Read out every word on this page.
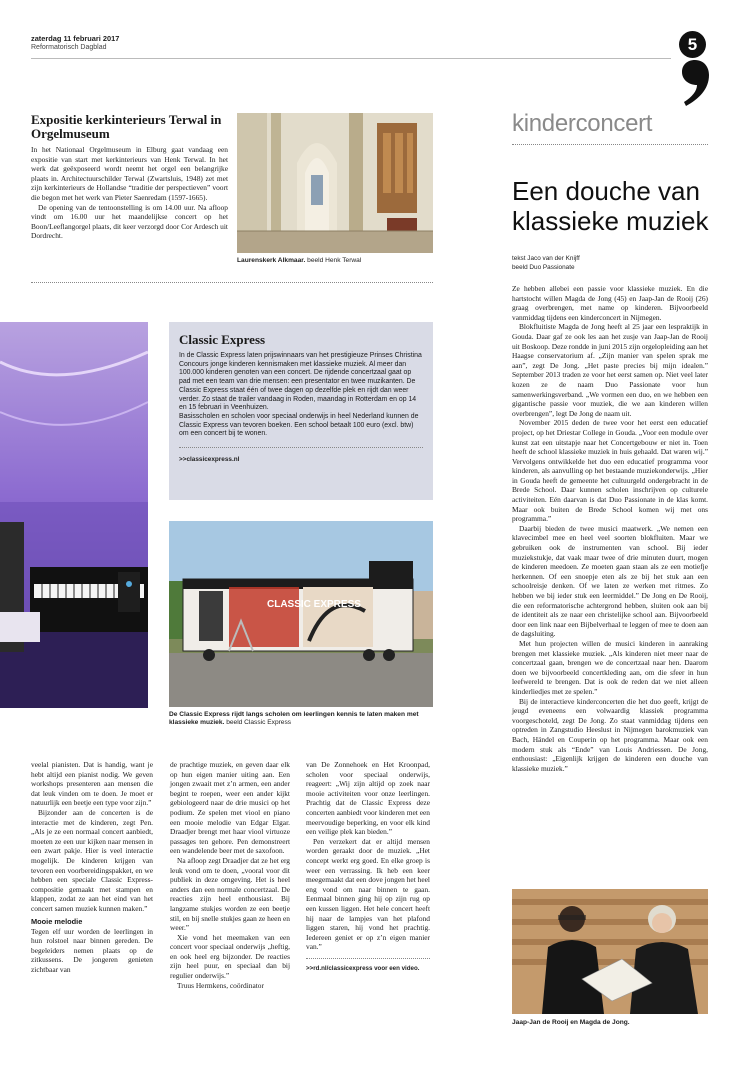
zaterdag 11 februari 2017
Reformatorisch Dagblad	5
Expositie kerkinterieurs Terwal in Orgelmuseum

In het Nationaal Orgelmuseum in Elburg gaat vandaag een expositie van start met kerkinterieurs van Henk Terwal. In het werk dat geëxposeerd wordt neemt het orgel een belangrijke plaats in. Architectuurschilder Terwal (Zwartsluis, 1948) zet met zijn kerkinterieurs de Hollandse “traditie der perspectieven” voort die begon met het werk van Pieter Saenredam (1597-1665).

De opening van de tentoonstelling is om 14.00 uur. Na afloop vindt om 16.00 uur het maandelijkse concert op het Boon/Leeflangorgel plaats, dit keer verzorgd door Cor Ardesch uit Dordrecht.

Laurenskerk Alkmaar. beeld Henk Terwal
Classic Express

In de Classic Express laten prijswinnaars van het prestigieuze Prinses Christina Concours jonge kinderen kennismaken met klassieke muziek. Al meer dan 100.000 kinderen genoten van een concert. De rijdende concertzaal gaat op pad met een team van drie mensen: een presentator en twee muzikanten. De Classic Express staat één of twee dagen op dezelfde plek en rijdt dan weer verder. Zo staat de trailer vandaag in Roden, maandag in Rotterdam en op 14 en 15 februari in Veenhuizen.

Basisscholen en scholen voor speciaal onderwijs in heel Nederland kunnen de Classic Express van tevoren boeken. Een school betaalt 100 euro (excl. btw) om een concert bij te wonen.

>>classicexpress.nl
CLASSIC EXPRESS
De Classic Express rijdt langs scholen om leerlingen kennis te laten maken met klassieke muziek. beeld Classic Express

veelal pianisten. Dat is handig, want je hebt altijd een pianist nodig. We geven workshops presenteren aan mensen die dat leuk vinden om te doen. Je moet er natuurlijk een beetje een type voor zijn.”

Bijzonder aan de concerten is de interactie met de kinderen, zegt Pen. „Als je ze een normaal concert aanbiedt, moeten ze een uur kijken naar mensen in een zwart pakje. Hier is veel interactie mogelijk. De kinderen krijgen van tevoren een voorbereidingspakket, en we hebben een speciale Classic Express-compositie gemaakt met stampen en klappen, zodat ze aan het eind van het concert samen muziek kunnen maken.”

Mooie melodie

Tegen elf uur worden de leerlingen in hun rolstoel naar binnen gereden. De begeleiders nemen plaats op de zitkussens. De jongeren genieten zichtbaar van

de prachtige muziek, en geven daar elk op hun eigen manier uiting aan. Een jongen zwaait met z’n armen, een ander begint te roepen, weer een ander kijkt gebiologeerd naar de drie musici op het podium. Ze spelen met viool en piano een mooie melodie van Edgar Elgar. Draadjer brengt met haar viool virtuoze passages ten gehore. Pen demonstreert een wandelende beer met de saxofoon.

Na afloop zegt Draadjer dat ze het erg leuk vond om te doen, „vooral voor dit publiek in deze omgeving. Het is heel anders dan een normale concertzaal. De reacties zijn heel enthousiast. Bij langzame stukjes worden ze een beetje stil, en bij snelle stukjes gaan ze heen en weer.”

Xie vond het meemaken van een concert voor speciaal onderwijs „heftig, en ook heel erg bijzonder. De reacties zijn heel puur, en speciaal dan bij regulier onderwijs.”

Truus Hermkens, coördinator

van De Zonnehoek en Het Kroonpad, scholen voor speciaal onderwijs, reageert: „Wij zijn altijd op zoek naar mooie activiteiten voor onze leerlingen. Prachtig dat de Classic Express deze concerten aanbiedt voor kinderen met een meervoudige beperking, en voor elk kind een veilige plek kan bieden.”

Pen verzekert dat er altijd mensen worden geraakt door de muziek. „Het concept werkt erg goed. En elke groep is weer een verrassing. Ik heb een keer meegemaakt dat een dove jongen het heel eng vond om naar binnen te gaan. Eenmaal binnen ging hij op zijn rug op een kussen liggen. Het hele concert heeft hij naar de lampjes van het plafond liggen staren, hij vond het prachtig. Iedereen geniet er op z’n eigen manier van.”

>>rd.nl/classicexpress voor een video.
kinderconcert
Een douche van klassieke muziek
tekst Jaco van der Knijff
beeld Duo Passionate

Ze hebben allebei een passie voor klassieke muziek. En die hartstocht willen Magda de Jong (45) en Jaap-Jan de Rooij (26) graag overbrengen, met name op kinderen. Bijvoorbeeld vanmiddag tijdens een kinderconcert in Nijmegen.

Blokfluitiste Magda de Jong heeft al 25 jaar een lespraktijk in Gouda. Daar gaf ze ook les aan het zusje van Jaap-Jan de Rooij uit Boskoop. Deze rondde in juni 2015 zijn orgelopleiding aan het Haagse conservatorium af. „Zijn manier van spelen sprak me aan”, zegt De Jong. „Het paste precies bij mijn idealen.” September 2013 traden ze voor het eerst samen op. Niet veel later kozen ze de naam Duo Passionate voor hun samenwerkingsverband. „We vormen een duo, en we hebben een gigantische passie voor muziek, die we aan kinderen willen overbrengen”, legt De Jong de naam uit.

November 2015 deden de twee voor het eerst een educatief project, op het Driestar College in Gouda. „Voor een module over kunst zat een uitstapje naar het Concertgebouw er niet in. Toen heeft de school klassieke muziek in huis gehaald. Dat waren wij.” Vervolgens ontwikkelde het duo een educatief programma voor kinderen, als aanvulling op het bestaande muziekonderwijs. „Hier in Gouda heeft de gemeente het cultuurgeld ondergebracht in de Brede School. Daar kunnen scholen inschrijven op culturele activiteiten. Eén daarvan is dat Duo Passionate in de klas komt. Maar ook buiten de Brede School komen wij met ons programma.”

Daarbij bieden de twee musici maatwerk. „We nemen een klavecimbel mee en heel veel soorten blokfluiten. Maar we gebruiken ook de instrumenten van school. Bij ieder muziekstukje, dat vaak maar twee of drie minuten duurt, mogen de kinderen meedoen. Ze moeten gaan staan als ze een motiefje herkennen. Of een snoepje eten als ze bij het stuk aan een schoolreisje denken. Of we laten ze werken met ritmes. Zo hebben we bij ieder stuk een leermiddel.” De Jong en De Rooij, die een reformatorische achtergrond hebben, sluiten ook aan bij de identiteit als ze naar een christelijke school aan. Bijvoorbeeld door een link naar een Bijbelverhaal te leggen of mee te doen aan de dagsluiting.

Met hun projecten willen de musici kinderen in aanraking brengen met klassieke muziek. „Als kinderen niet meer naar de concertzaal gaan, brengen we de concertzaal naar hen. Daarom doen we bijvoorbeeld concertkleding aan, om die sfeer in hun leefwereld te brengen. Dat is ook de reden dat we niet alleen kinderliedjes met ze spelen.”

Bij de interactieve kinderconcerten die het duo geeft, krijgt de jeugd eveneens een volwaardig klassiek programma voorgeschoteld, zegt De Jong. Zo staat vanmiddag tijdens een optreden in Zangstudio Heeslust in Nijmegen barokmuziek van Bach, Händel en Couperin op het programma. Maar ook een modern stuk als “Ende” van Louis Andriessen. De Jong, enthousiast: „Eigenlijk krijgen de kinderen een douche van klassieke muziek.”

Jaap-Jan de Rooij en Magda de Jong.
